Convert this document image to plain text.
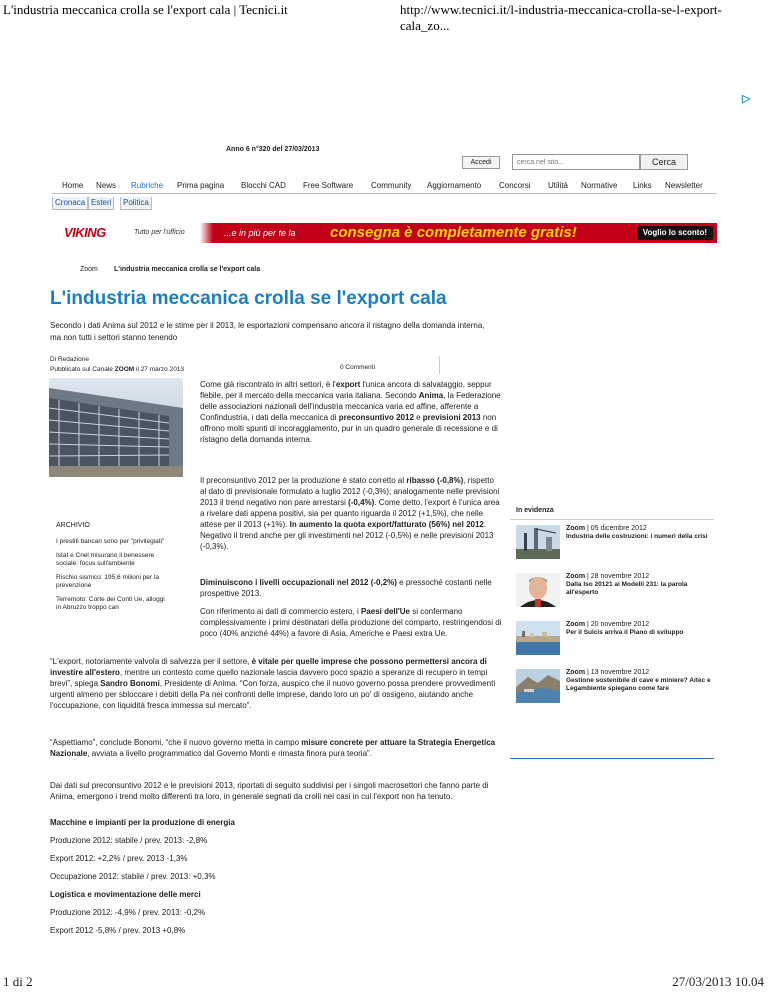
L'industria meccanica crolla se l'export cala | Tecnici.it	http://www.tecnici.it/l-industria-meccanica-crolla-se-l-export-cala_zo...
▷
Anno 6 n°320 del 27/03/2013
Accedi
cerca nel sito...	Cerca
Home News Rubriche Prima pagina Blocchi CAD Free Software Community Aggiornamento Concorsi Utilità Normative Links Newsletter
Cronaca Esteri	Politica
VIKING	Tutto per l'ufficio	...e in più per te la consegna è completamente gratis!	Voglio lo sconto!
Zoom L'industria meccanica crolla se l'export cala
L'industria meccanica crolla se l'export cala

Secondo i dati Anima sul 2012 e le stime per il 2013, le esportazioni compensano ancora il ristagno della domanda interna, ma non tutti i settori stanno tenendo

Di Redazione
Pubblicato sul Canale ZOOM il 27 marzo 2013	0 Commenti
ARCHIVIO
I prestiti bancari sono per "privilegiati"
Istat e Cnel misurano il benessere sociale: focus sull'ambiente
Rischio sismico: 195,6 milioni per la prevenzione
Terremoto: Corte dei Conti Ue, alloggi in Abruzzo troppo cari

Come già riscontrato in altri settori, è l'export l'unica ancora di salvataggio, seppur flebile, per il mercato della meccanica varia italiana. Secondo Anima, la Federazione delle associazioni nazionali dell'industria meccanica varia ed affine, afferente a Confindustria, i dati della meccanica di preconsuntivo 2012 e previsioni 2013 non offrono molti spunti di incoraggiamento, pur in un quadro generale di recessione e di ristagno della domanda interna.

Il preconsuntivo 2012 per la produzione è stato corretto al ribasso (-0,8%), rispetto al dato di previsionale formulato a luglio 2012 (-0,3%); analogamente nelle previsioni 2013 il trend negativo non pare arrestarsi (-0,4%). Come detto, l'export è l'unica area a rivelare dati appena positivi, sia per quanto riguarda il 2012 (+1,5%), che nelle attese per il 2013 (+1%). In aumento la quota export/fatturato (56%) nel 2012. Negativo il trend anche per gli investimenti nel 2012 (-0,5%) e nelle previsioni 2013 (-0,3%).

Diminuiscono i livelli occupazionali nel 2012 (-0,2%) e pressoché costanti nelle prospettive 2013.

Con riferimento ai dati di commercio estero, i Paesi dell'Ue si confermano complessivamente i primi destinatari della produzione del comparto, restringendosi di poco (40% anziché 44%) a favore di Asia, Americhe e Paesi extra Ue.

“L'export, notoriamente valvola di salvezza per il settore, è vitale per quelle imprese che possono permettersi ancora di investire all'estero, mentre un contesto come quello nazionale lascia davvero poco spazio a speranze di recupero in tempi brevi”, spiega Sandro Bonomi, Presidente di Anima. “Con forza, auspico che il nuovo governo possa prendere provvedimenti urgenti almeno per sbloccare i debiti della Pa nei confronti delle imprese, dando loro un po' di ossigeno, aiutando anche l'occupazione, con liquidità fresca immessa sul mercato”.

“Aspettiamo”, conclude Bonomi, “che il nuovo governo metta in campo misure concrete per attuare la Strategia Energetica Nazionale, avviata a livello programmatico dal Governo Monti e rimasta finora pura teoria”.

Dai dati sul preconsuntivo 2012 e le previsioni 2013, riportati di seguito suddivisi per i singoli macrosettori che fanno parte di Anima, emergono i trend molto differenti tra loro, in generale segnati da crolli nei casi in cui l'export non ha tenuto.

Macchine e impianti per la produzione di energia
Produzione 2012: stabile / prev. 2013: -2,8%
Export 2012: +2,2% / prev. 2013 -1,3%
Occupazione 2012: stabile / prev. 2013: +0,3%
Logistica e movimentazione delle merci
Produzione 2012: -4,9% / prev. 2013: -0,2%
Export 2012 -5,8% / prev. 2013 +0,8%
In evidenza
Zoom | 05 dicembre 2012
Industria delle costruzioni: i numeri della crisi
Zoom | 28 novembre 2012
Dalla Iso 20121 ai Modelli 231: la parola all'esperto
Zoom | 20 novembre 2012
Per il Sulcis arriva il Piano di sviluppo
Zoom | 13 novembre 2012
Gestione sostenibile di cave e miniere? Aitec e Legambiente spiegano come fare
1 di 2	27/03/2013 10.04
